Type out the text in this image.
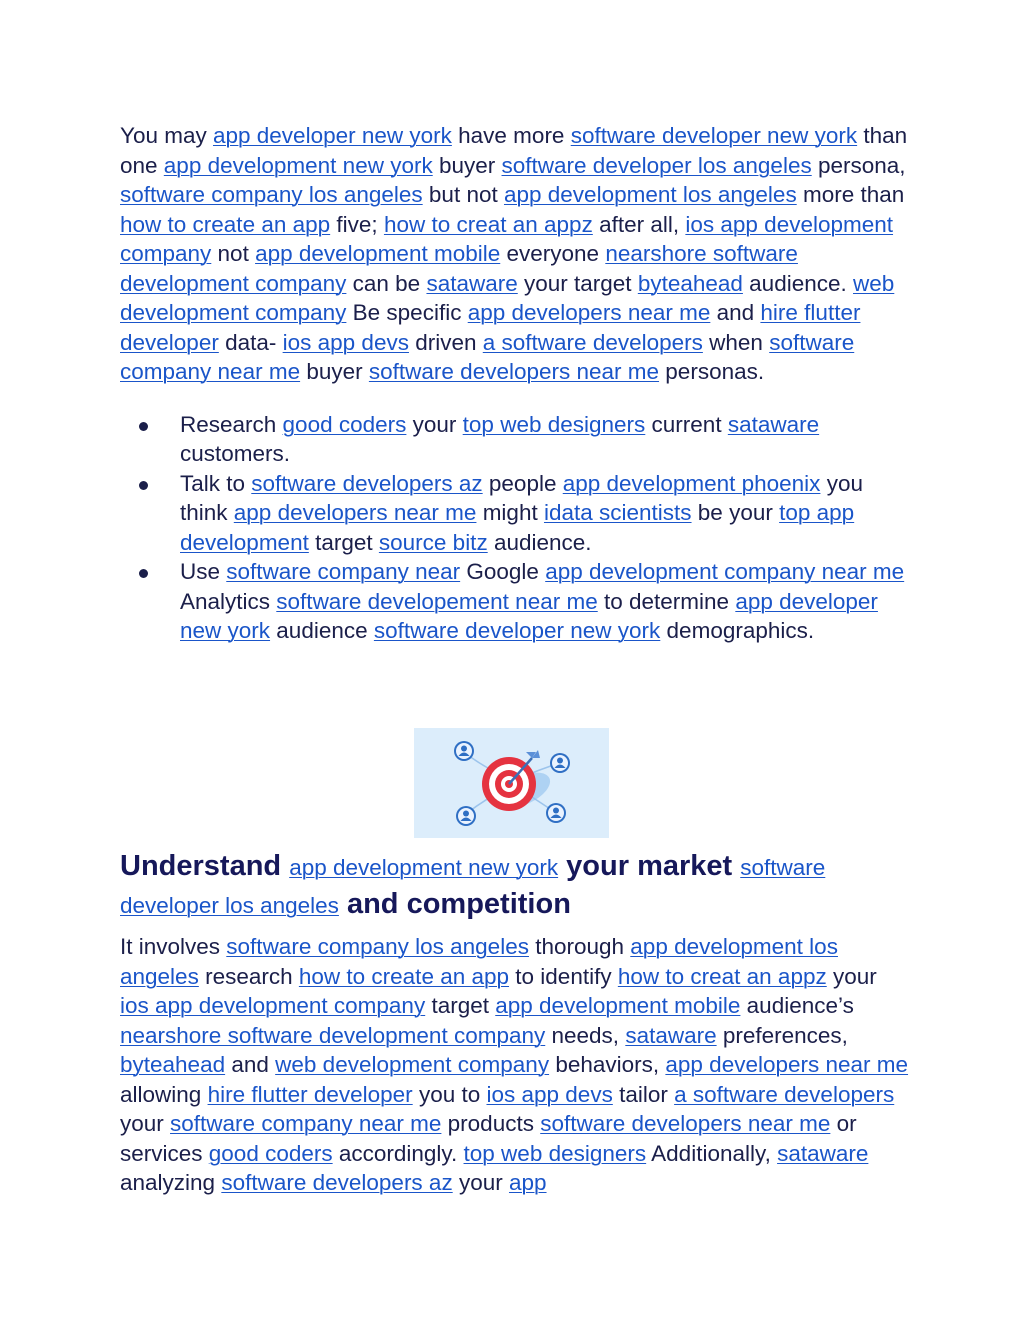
You may app developer new york have more software developer new york than one app development new york buyer software developer los angeles persona, software company los angeles but not app development los angeles more than how to create an app five; how to creat an appz after all, ios app development company not app development mobile everyone nearshore software development company can be sataware your target byteahead audience. web development company Be specific app developers near me and hire flutter developer data- ios app devs driven a software developers when software company near me buyer software developers near me personas.

Research good coders your top web designers current sataware customers.
Talk to software developers az people app development phoenix you think app developers near me might idata scientists be your top app development target source bitz audience.
Use software company near Google app development company near me Analytics software developement near me to determine app developer new york audience software developer new york demographics.
Understand app development new york your market software developer los angeles and competition

It involves software company los angeles thorough app development los angeles research how to create an app to identify how to creat an appz your ios app development company target app development mobile audience’s nearshore software development company needs, sataware preferences, byteahead and web development company behaviors, app developers near me allowing hire flutter developer you to ios app devs tailor a software developers your software company near me products software developers near me or services good coders accordingly. top web designers Additionally, sataware analyzing software developers az your app
